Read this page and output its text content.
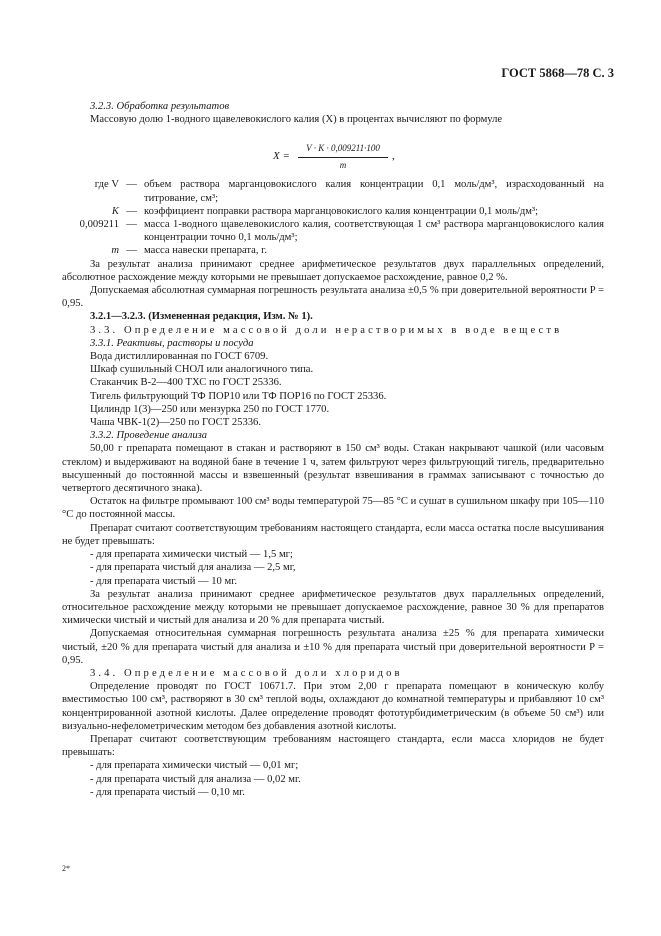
ГОСТ 5868—78 С. 3

3.2.3. Обработка результатов

Массовую долю 1-водного щавелевокислого калия (X) в процентах вычисляют по формуле

$X = \frac{V \cdot K \cdot 0,009211\cdot 100}{m}$ ,
где V — объем раствора марганцовокислого калия концентрации 0,1 моль/дм³, израсходованный на титрование, см³;
K — коэффициент поправки раствора марганцовокислого калия концентрации 0,1 моль/дм³;
0,009211 — масса 1-водного щавелевокислого калия, соответствующая 1 см³ раствора марганцовокислого калия концентрации точно 0,1 моль/дм³;
m — масса навески препарата, г.

За результат анализа принимают среднее арифметическое результатов двух параллельных определений, абсолютное расхождение между которыми не превышает допускаемое расхождение, равное 0,2 %.

Допускаемая абсолютная суммарная погрешность результата анализа ±0,5 % при доверительной вероятности P = 0,95.

3.2.1—3.2.3. (Измененная редакция, Изм. № 1).

3.3. Определение массовой доли нерастворимых в воде веществ

3.3.1. Реактивы, растворы и посуда

Вода дистиллированная по ГОСТ 6709.

Шкаф сушильный СНОЛ или аналогичного типа.

Стаканчик В-2—400 ТХС по ГОСТ 25336.

Тигель фильтрующий ТФ ПОР10 или ТФ ПОР16 по ГОСТ 25336.

Цилиндр 1(3)—250 или мензурка 250 по ГОСТ 1770.

Чаша ЧВК-1(2)—250 по ГОСТ 25336.

3.3.2. Проведение анализа

50,00 г препарата помещают в стакан и растворяют в 150 см³ воды. Стакан накрывают чашкой (или часовым стеклом) и выдерживают на водяной бане в течение 1 ч, затем фильтруют через фильтрующий тигель, предварительно высушенный до постоянной массы и взвешенный (результат взвешивания в граммах записывают с точностью до четвертого десятичного знака).

Остаток на фильтре промывают 100 см³ воды температурой 75—85 °С и сушат в сушильном шкафу при 105—110 °С до постоянной массы.

Препарат считают соответствующим требованиям настоящего стандарта, если масса остатка после высушивания не будет превышать:

- для препарата химически чистый — 1,5 мг;

- для препарата чистый для анализа — 2,5 мг,

- для препарата чистый — 10 мг.

За результат анализа принимают среднее арифметическое результатов двух параллельных определений, относительное расхождение между которыми не превышает допускаемое расхождение, равное 30 % для препаратов химически чистый и чистый для анализа и 20 % для препарата чистый.

Допускаемая относительная суммарная погрешность результата анализа ±25 % для препарата химически чистый, ±20 % для препарата чистый для анализа и ±10 % для препарата чистый при доверительной вероятности P = 0,95.

3.4. Определение массовой доли хлоридов

Определение проводят по ГОСТ 10671.7. При этом 2,00 г препарата помещают в коническую колбу вместимостью 100 см³, растворяют в 30 см³ теплой воды, охлаждают до комнатной температуры и прибавляют 10 см³ концентрированной азотной кислоты. Далее определение проводят фототурбидиметрическим (в объеме 50 см³) или визуально-нефелометрическим методом без добавления азотной кислоты.

Препарат считают соответствующим требованиям настоящего стандарта, если масса хлоридов не будет превышать:

- для препарата химически чистый — 0,01 мг;

- для препарата чистый для анализа — 0,02 мг.

- для препарата чистый — 0,10 мг.

2*
